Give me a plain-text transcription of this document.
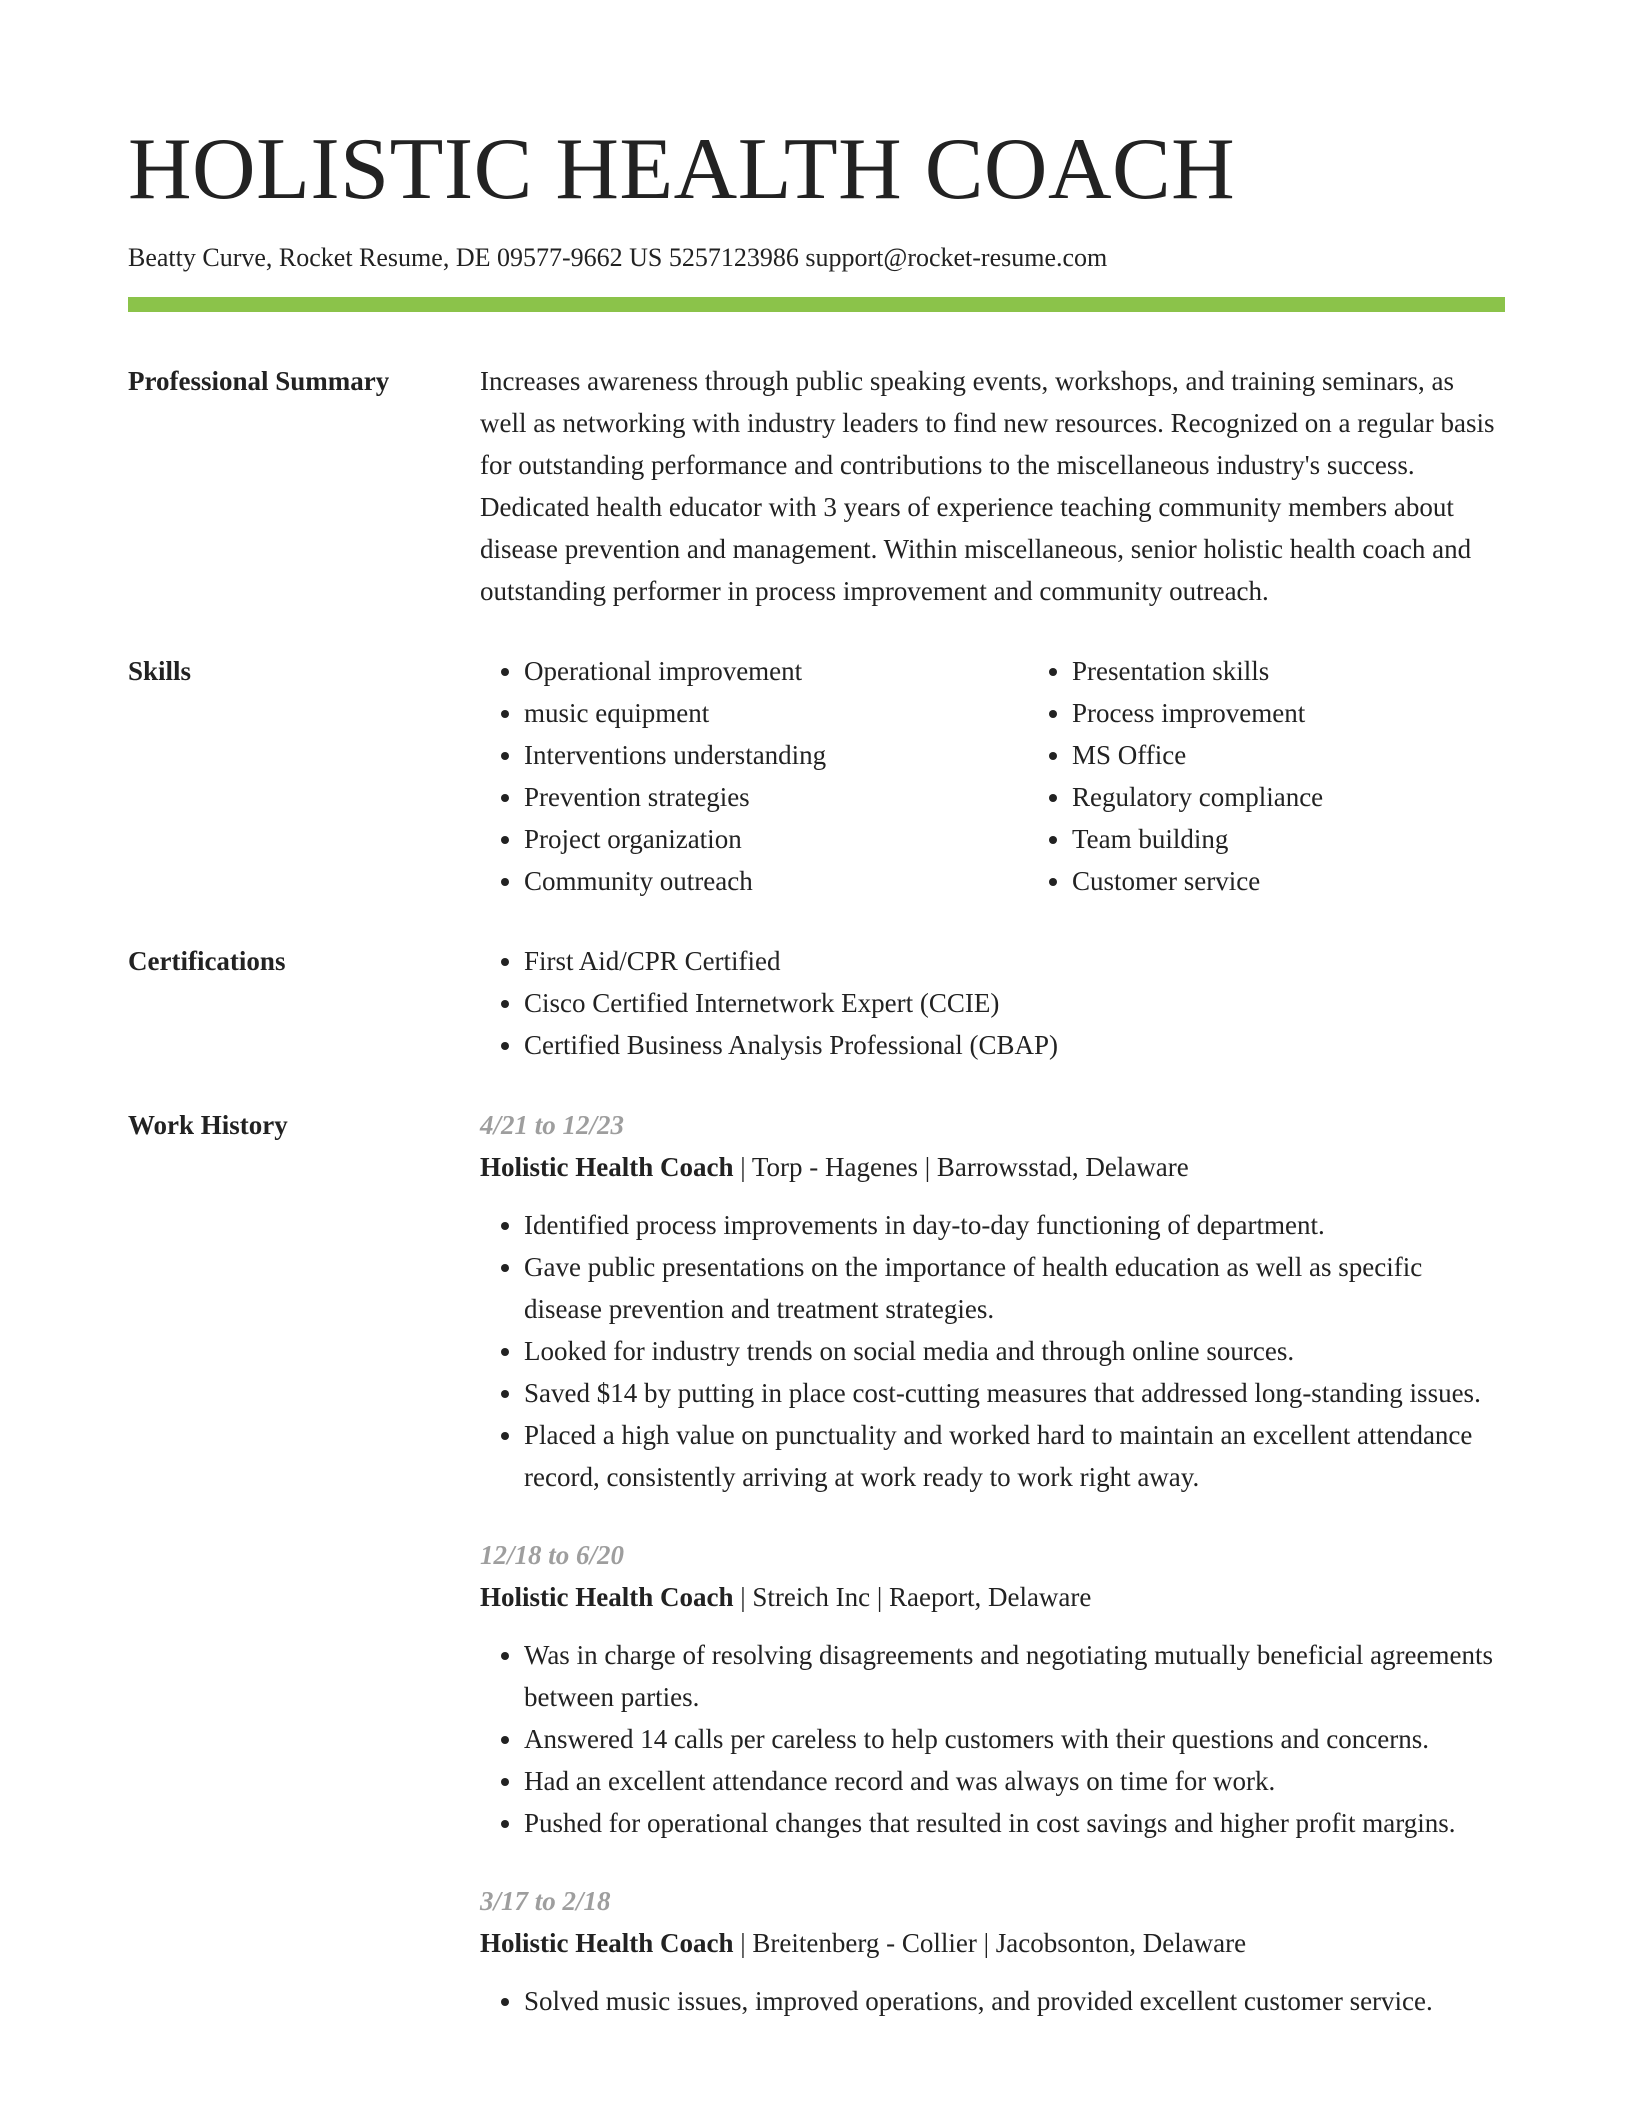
HOLISTIC HEALTH COACH
Beatty Curve, Rocket Resume, DE 09577-9662 US 5257123986 support@rocket-resume.com
Professional Summary	Increases awareness through public speaking events, workshops, and training seminars, as well as networking with industry leaders to find new resources. Recognized on a regular basis for outstanding performance and contributions to the miscellaneous industry's success. Dedicated health educator with 3 years of experience teaching community members about disease prevention and management. Within miscellaneous, senior holistic health coach and outstanding performer in process improvement and community outreach.

Skills	• Operational improvement
• music equipment
• Interventions understanding
• Prevention strategies
• Project organization
• Community outreach
• Presentation skills
• Process improvement
• MS Office
• Regulatory compliance
• Team building
• Customer service
Certifications	• First Aid/CPR Certified
• Cisco Certified Internetwork Expert (CCIE)
• Certified Business Analysis Professional (CBAP)
Work History	4/21 to 12/23
Holistic Health Coach | Torp - Hagenes | Barrowsstad, Delaware
• Identified process improvements in day-to-day functioning of department.
• Gave public presentations on the importance of health education as well as specific disease prevention and treatment strategies.
• Looked for industry trends on social media and through online sources.
• Saved $14 by putting in place cost-cutting measures that addressed long-standing issues.
• Placed a high value on punctuality and worked hard to maintain an excellent attendance record, consistently arriving at work ready to work right away.
12/18 to 6/20
Holistic Health Coach | Streich Inc | Raeport, Delaware
• Was in charge of resolving disagreements and negotiating mutually beneficial agreements between parties.
• Answered 14 calls per careless to help customers with their questions and concerns.
• Had an excellent attendance record and was always on time for work.
• Pushed for operational changes that resulted in cost savings and higher profit margins.
3/17 to 2/18
Holistic Health Coach | Breitenberg - Collier | Jacobsonton, Delaware
• Solved music issues, improved operations, and provided excellent customer service.
